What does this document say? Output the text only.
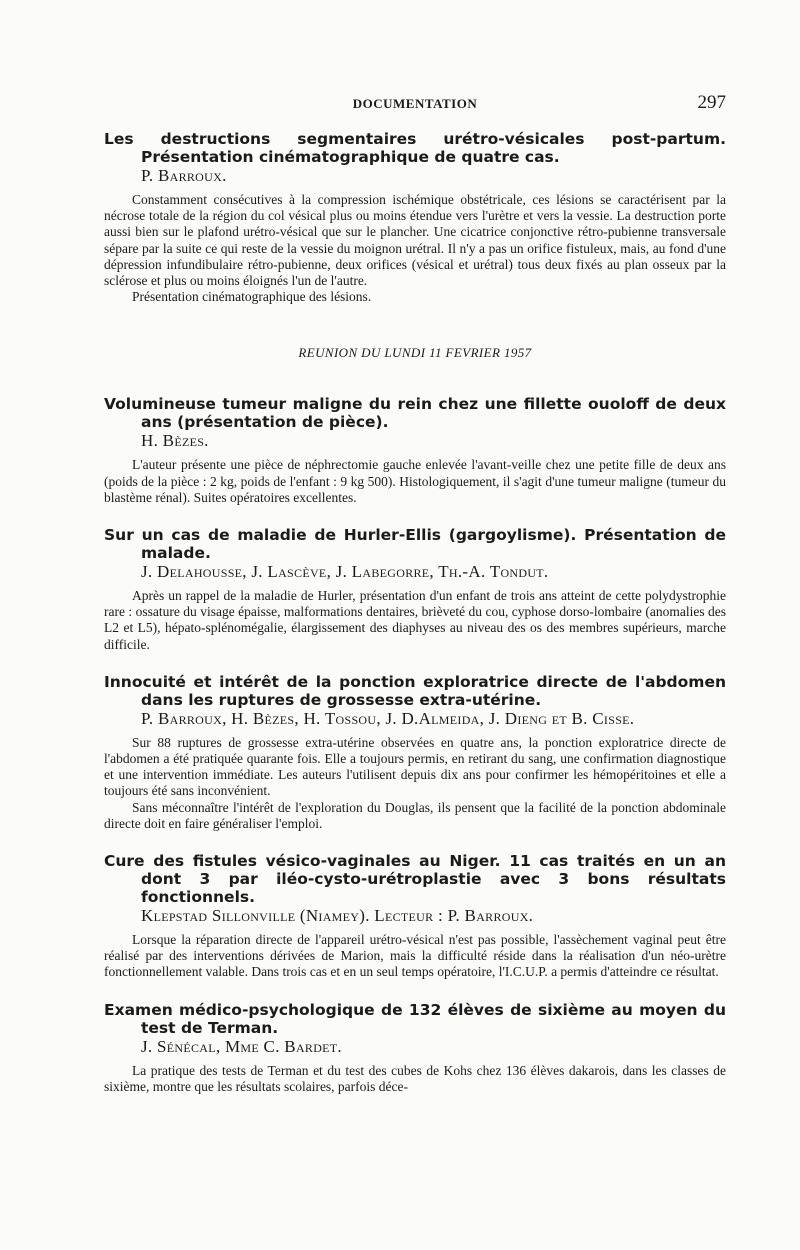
DOCUMENTATION	297

Les destructions segmentaires urétro-vésicales post-partum. Présentation cinématographique de quatre cas.

P. Barroux.

Constamment consécutives à la compression ischémique obstétricale, ces lésions se caractérisent par la nécrose totale de la région du col vésical plus ou moins étendue vers l'urètre et vers la vessie. La destruction porte aussi bien sur le plafond urétro-vésical que sur le plancher. Une cicatrice conjonctive rétro-pubienne transversale sépare par la suite ce qui reste de la vessie du moignon urétral. Il n'y a pas un orifice fistuleux, mais, au fond d'une dépression infundibulaire rétro-pubienne, deux orifices (vésical et urétral) tous deux fixés au plan osseux par la sclérose et plus ou moins éloignés l'un de l'autre.

Présentation cinématographique des lésions.

REUNION DU LUNDI 11 FEVRIER 1957

Volumineuse tumeur maligne du rein chez une fillette ouoloff de deux ans (présentation de pièce).

H. Bèzes.

L'auteur présente une pièce de néphrectomie gauche enlevée l'avant-veille chez une petite fille de deux ans (poids de la pièce : 2 kg, poids de l'enfant : 9 kg 500). Histologiquement, il s'agit d'une tumeur maligne (tumeur du blastème rénal). Suites opératoires excellentes.

Sur un cas de maladie de Hurler-Ellis (gargoylisme). Présentation de malade.

J. Delahousse, J. Lascève, J. Labegorre, Th.-A. Tondut.

Après un rappel de la maladie de Hurler, présentation d'un enfant de trois ans atteint de cette polydystrophie rare : ossature du visage épaisse, malformations dentaires, brièveté du cou, cyphose dorso-lombaire (anomalies des L2 et L5), hépato-splénomégalie, élargissement des diaphyses au niveau des os des membres supérieurs, marche difficile.

Innocuité et intérêt de la ponction exploratrice directe de l'abdomen dans les ruptures de grossesse extra-utérine.

P. Barroux, H. Bèzes, H. Tossou, J. D.Almeida, J. Dieng et B. Cisse.

Sur 88 ruptures de grossesse extra-utérine observées en quatre ans, la ponction exploratrice directe de l'abdomen a été pratiquée quarante fois. Elle a toujours permis, en retirant du sang, une confirmation diagnostique et une intervention immédiate. Les auteurs l'utilisent depuis dix ans pour confirmer les hémopéritoines et elle a toujours été sans inconvénient.

Sans méconnaître l'intérêt de l'exploration du Douglas, ils pensent que la facilité de la ponction abdominale directe doit en faire généraliser l'emploi.

Cure des fistules vésico-vaginales au Niger. 11 cas traités en un an dont 3 par iléo-cysto-urétroplastie avec 3 bons résultats fonctionnels.

Klepstad Sillonville (Niamey). Lecteur : P. Barroux.

Lorsque la réparation directe de l'appareil urétro-vésical n'est pas possible, l'assèchement vaginal peut être réalisé par des interventions dérivées de Marion, mais la difficulté réside dans la réalisation d'un néo-urètre fonctionnellement valable. Dans trois cas et en un seul temps opératoire, l'I.C.U.P. a permis d'atteindre ce résultat.

Examen médico-psychologique de 132 élèves de sixième au moyen du test de Terman.

J. Sénécal, Mme C. Bardet.

La pratique des tests de Terman et du test des cubes de Kohs chez 136 élèves dakarois, dans les classes de sixième, montre que les résultats scolaires, parfois déce-
